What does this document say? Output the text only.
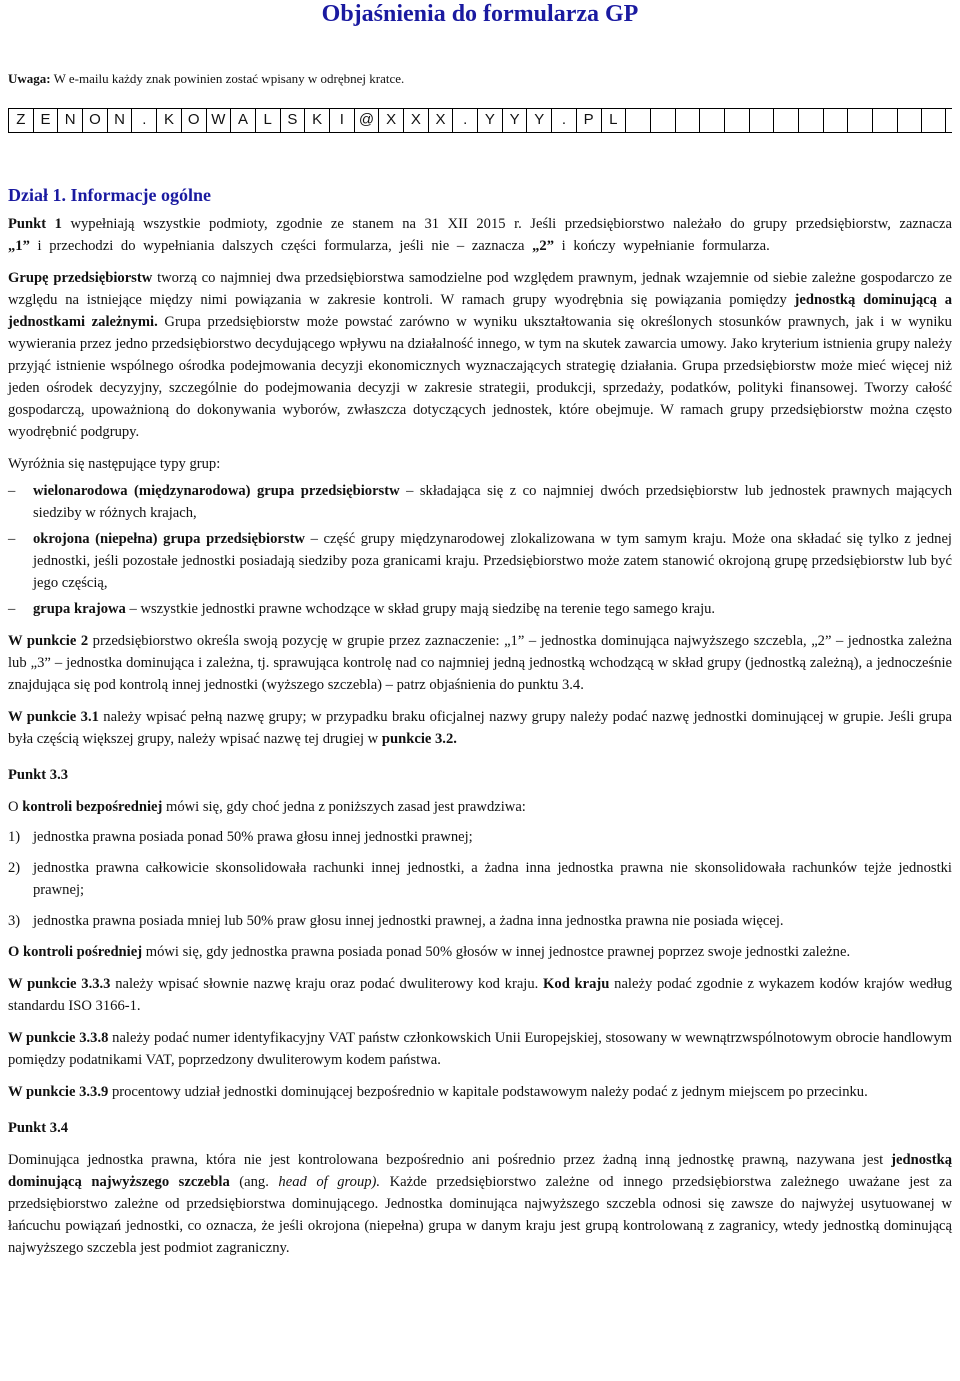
Objaśnienia do formularza GP

Uwaga: W e-mailu każdy znak powinien zostać wpisany w odrębnej kratce.

Z	E N O N	.	K O W A	L	S K	I @ X X X	.	Y Y Y	.	P	L
Dział 1. Informacje ogólne

Punkt 1 wypełniają wszystkie podmioty, zgodnie ze stanem na 31 XII 2015 r. Jeśli przedsiębiorstwo należało do grupy przedsiębiorstw, zaznacza „1” i przechodzi do wypełniania dalszych części formularza, jeśli nie – zaznacza „2” i kończy wypełnianie formularza.

Grupę przedsiębiorstw tworzą co najmniej dwa przedsiębiorstwa samodzielne pod względem prawnym, jednak wzajemnie od siebie zależne gospodarczo ze względu na istniejące między nimi powiązania w zakresie kontroli. W ramach grupy wyodrębnia się powiązania pomiędzy jednostką dominującą a jednostkami zależnymi. Grupa przedsiębiorstw może powstać zarówno w wyniku ukształtowania się określonych stosunków prawnych, jak i w wyniku wywierania przez jedno przedsiębiorstwo decydującego wpływu na działalność innego, w tym na skutek zawarcia umowy. Jako kryterium istnienia grupy należy przyjąć istnienie wspólnego ośrodka podejmowania decyzji ekonomicznych wyznaczających strategię działania. Grupa przedsiębiorstw może mieć więcej niż jeden ośrodek decyzyjny, szczególnie do podejmowania decyzji w zakresie strategii, produkcji, sprzedaży, podatków, polityki finansowej. Tworzy całość gospodarczą, upoważnioną do dokonywania wyborów, zwłaszcza dotyczących jednostek, które obejmuje. W ramach grupy przedsiębiorstw można często wyodrębnić podgrupy.

Wyróżnia się następujące typy grup:

– wielonarodowa (międzynarodowa) grupa przedsiębiorstw – składająca się z co najmniej dwóch przedsiębiorstw lub jednostek prawnych mających siedziby w różnych krajach,
– okrojona (niepełna) grupa przedsiębiorstw – część grupy międzynarodowej zlokalizowana w tym samym kraju. Może ona składać się tylko z jednej jednostki, jeśli pozostałe jednostki posiadają siedziby poza granicami kraju. Przedsiębiorstwo może zatem stanowić okrojoną grupę przedsiębiorstw lub być jego częścią,
– grupa krajowa – wszystkie jednostki prawne wchodzące w skład grupy mają siedzibę na terenie tego samego kraju.

W punkcie 2 przedsiębiorstwo określa swoją pozycję w grupie przez zaznaczenie: „1” – jednostka dominująca najwyższego szczebla, „2” – jednostka zależna lub „3” – jednostka dominująca i zależna, tj. sprawująca kontrolę nad co najmniej jedną jednostką wchodzącą w skład grupy (jednostką zależną), a jednocześnie znajdująca się pod kontrolą innej jednostki (wyższego szczebla) – patrz objaśnienia do punktu 3.4.

W punkcie 3.1 należy wpisać pełną nazwę grupy; w przypadku braku oficjalnej nazwy grupy należy podać nazwę jednostki dominującej w grupie. Jeśli grupa była częścią większej grupy, należy wpisać nazwę tej drugiej w punkcie 3.2.

Punkt 3.3

O kontroli bezpośredniej mówi się, gdy choć jedna z poniższych zasad jest prawdziwa:

1) jednostka prawna posiada ponad 50% prawa głosu innej jednostki prawnej;
2) jednostka prawna całkowicie skonsolidowała rachunki innej jednostki, a żadna inna jednostka prawna nie skonsolidowała rachunków tejże jednostki prawnej;
3) jednostka prawna posiada mniej lub 50% praw głosu innej jednostki prawnej, a żadna inna jednostka prawna nie posiada więcej.

O kontroli pośredniej mówi się, gdy jednostka prawna posiada ponad 50% głosów w innej jednostce prawnej poprzez swoje jednostki zależne.

W punkcie 3.3.3 należy wpisać słownie nazwę kraju oraz podać dwuliterowy kod kraju. Kod kraju należy podać zgodnie z wykazem kodów krajów według standardu ISO 3166-1.

W punkcie 3.3.8 należy podać numer identyfikacyjny VAT państw członkowskich Unii Europejskiej, stosowany w wewnątrzwspólnotowym obrocie handlowym pomiędzy podatnikami VAT, poprzedzony dwuliterowym kodem państwa.

W punkcie 3.3.9 procentowy udział jednostki dominującej bezpośrednio w kapitale podstawowym należy podać z jednym miejscem po przecinku.

Punkt 3.4

Dominująca jednostka prawna, która nie jest kontrolowana bezpośrednio ani pośrednio przez żadną inną jednostkę prawną, nazywana jest jednostką dominującą najwyższego szczebla (ang. head of group). Każde przedsiębiorstwo zależne od innego przedsiębiorstwa zależnego uważane jest za przedsiębiorstwo zależne od przedsiębiorstwa dominującego. Jednostka dominująca najwyższego szczebla odnosi się zawsze do najwyżej usytuowanej w łańcuchu powiązań jednostki, co oznacza, że jeśli okrojona (niepełna) grupa w danym kraju jest grupą kontrolowaną z zagranicy, wtedy jednostką dominującą najwyższego szczebla jest podmiot zagraniczny.
